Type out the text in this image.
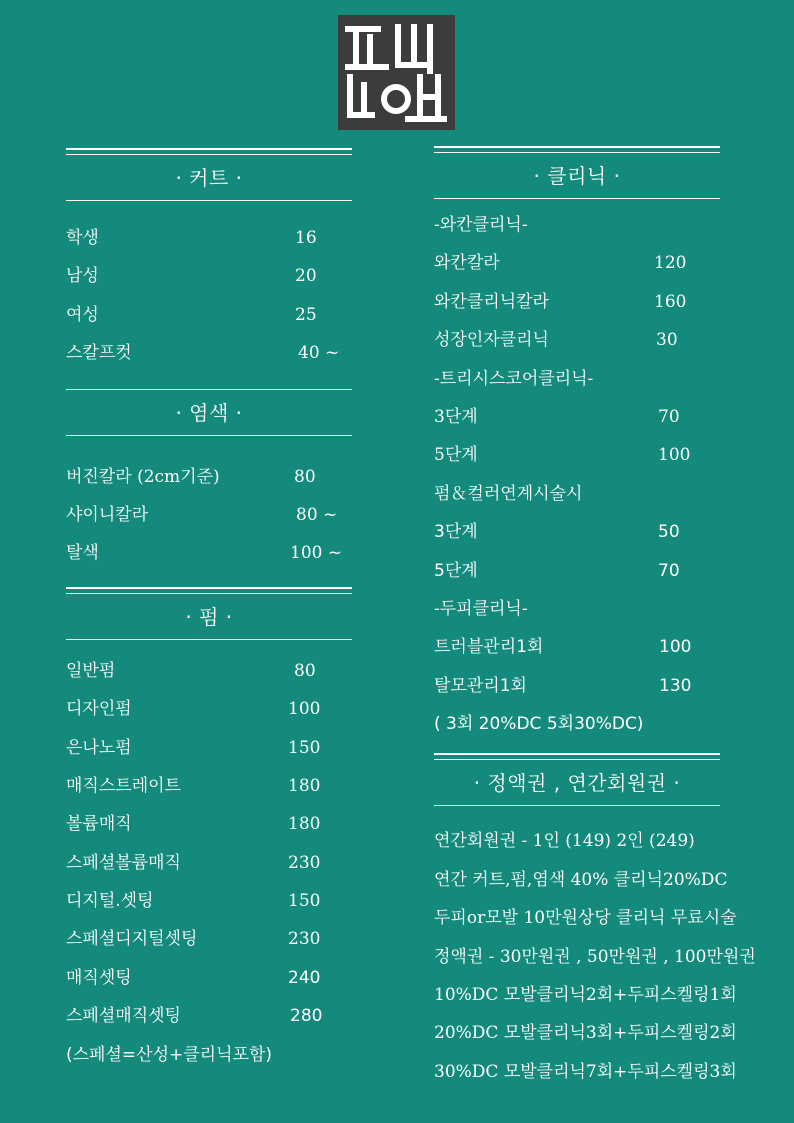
· 커트 ·
학생	16
남성	20
여성	25
스칼프컷	40 ~
· 염색 ·
버진칼라 (2cm기준)	80
샤이니칼라	80 ~
탈색	100 ~
· 펌 ·
일반펌	80
디자인펌	100
은나노펌	150
매직스트레이트	180
볼륨매직	180
스페셜볼륨매직	230
디지털.셋팅	150
스페셜디지털셋팅	230
매직셋팅	240
스페셜매직셋팅	280
(스페셜=산성+클리닉포함)
· 클리닉 ·
-와칸클리닉-
와칸칼라	120
와칸클리닉칼라	160
성장인자클리닉	30
-트리시스코어클리닉-
3단계	70
5단계	100
펌＆컬러연계시술시
3단계	50
5단계	70
-두피클리닉-
트러블관리1회	100
탈모관리1회	130
( 3회 20%DC 5회30%DC)
· 정액권 , 연간회원권 ·
연간회원권 - 1인 (149) 2인 (249)
연간 커트,펌,염색 40% 클리닉20%DC
두피or모발 10만원상당 클리닉 무료시술
정액권 - 30만원권 , 50만원권 , 100만원권
10%DC 모발클리닉2회+두피스켈링1회
20%DC 모발클리닉3회+두피스켈링2회
30%DC 모발클리닉7회+두피스켈링3회
